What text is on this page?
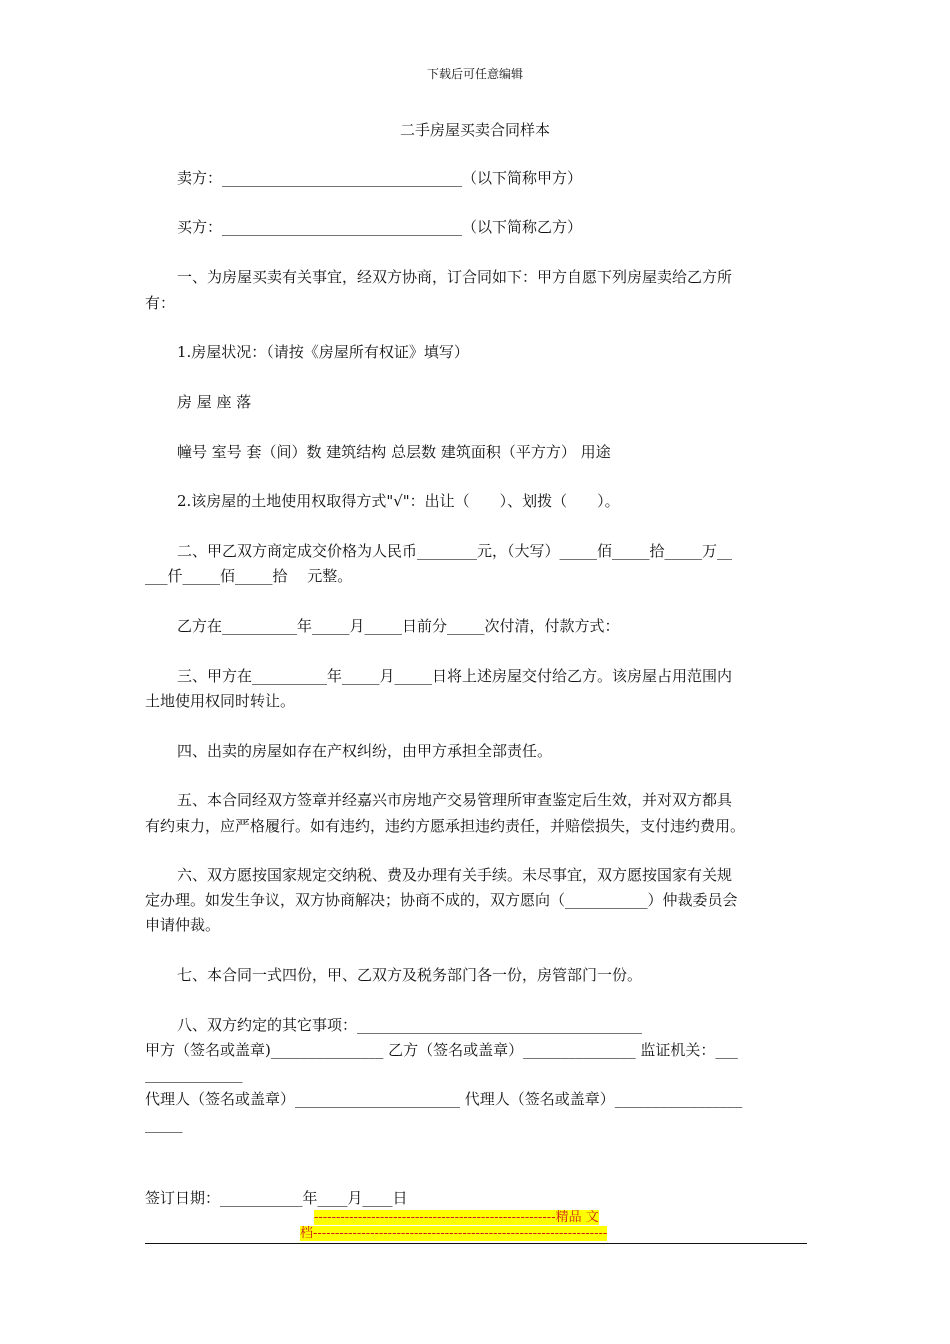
下载后可任意编辑
二手房屋买卖合同样本
卖方：________________________________（以下简称甲方）
买方：________________________________（以下简称乙方）
一、为房屋买卖有关事宜，经双方协商，订合同如下：甲方自愿下列房屋卖给乙方所
有：
1.房屋状况：（请按《房屋所有权证》填写）
房 屋 座 落
幢号 室号 套（间）数 建筑结构 总层数 建筑面积（平方方） 用途
2.该房屋的土地使用权取得方式"√"：出让（　　）、划拨（　　）。
二、甲乙双方商定成交价格为人民币________元，（大写）_____佰_____拾_____万__
___仟_____佰_____拾　 元整。
乙方在__________年_____月_____日前分_____次付清，付款方式：
三、甲方在__________年_____月_____日将上述房屋交付给乙方。该房屋占用范围内
土地使用权同时转让。
四、出卖的房屋如存在产权纠纷，由甲方承担全部责任。
五、本合同经双方签章并经嘉兴市房地产交易管理所审查鉴定后生效，并对双方都具
有约束力，应严格履行。如有违约，违约方愿承担违约责任，并赔偿损失，支付违约费用。
六、双方愿按国家规定交纳税、费及办理有关手续。未尽事宜，双方愿按国家有关规
定办理。如发生争议，双方协商解决；协商不成的，双方愿向（___________）仲裁委员会
申请仲裁。
七、本合同一式四份，甲、乙双方及税务部门各一份，房管部门一份。
八、双方约定的其它事项：______________________________________
甲方（签名或盖章)_______________ 乙方（签名或盖章）_______________ 监证机关：___
_____________
代理人（签名或盖章）______________________ 代理人（签名或盖章）_________________
_____
签订日期：___________年____月____日
-------------------------------------------------------精品 文
档-------------------------------------------------------------------
